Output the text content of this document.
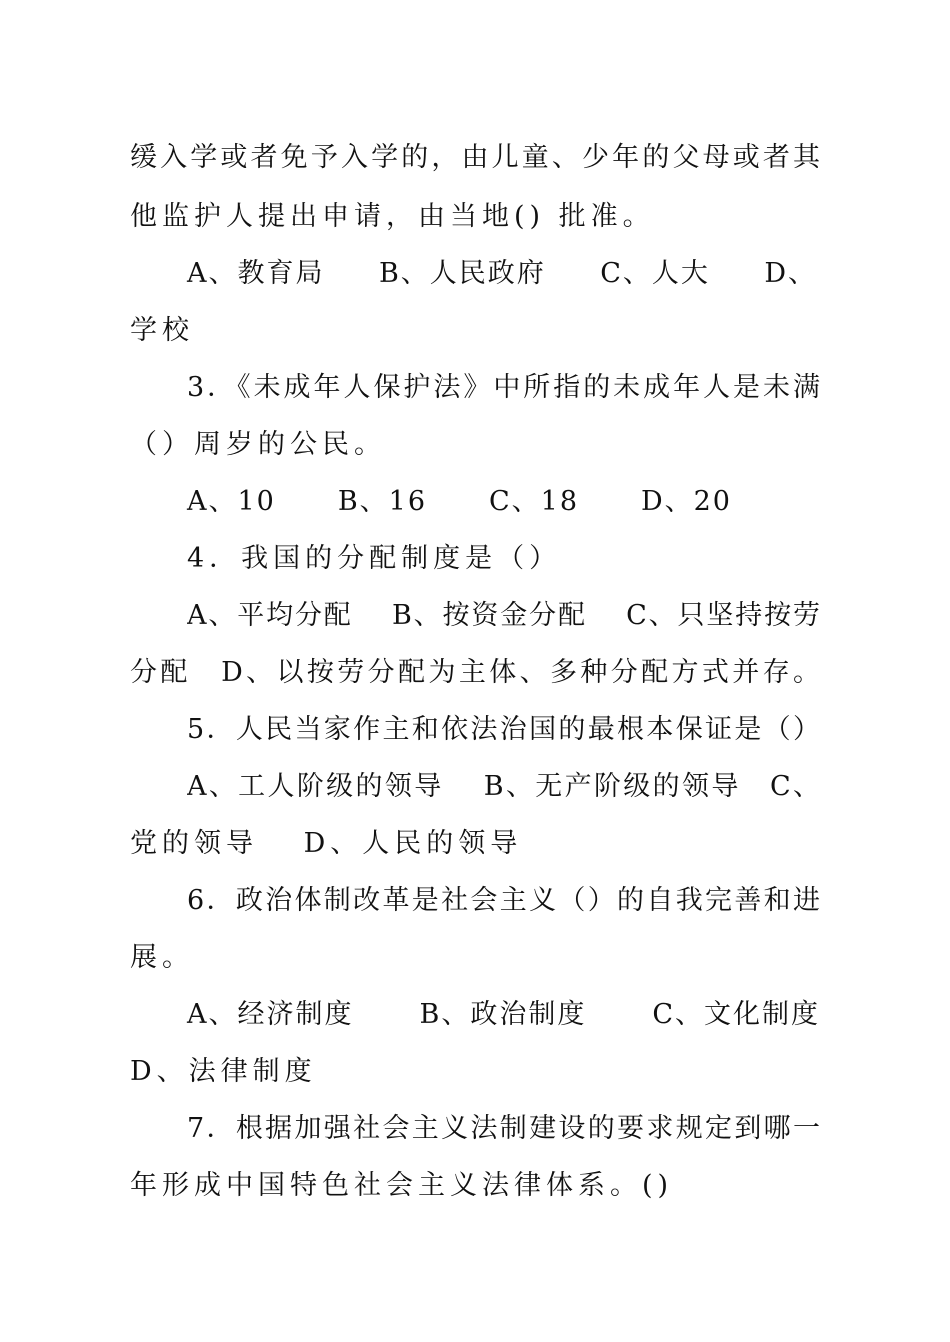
缓入学或者免予入学的，由儿童、少年的父母或者其
他监护人提出申请，由当地() 批准。
A、教育局 B、人民政府 C、人大 D、
学校
3．《未成年人保护法》中所指的未成年人是未满
（）周岁的公民。
A、10 B、16 C、18 D、20
4．我国的分配制度是（）
A、平均分配　 B、按资金分配　 C、只坚持按劳
分配　D、以按劳分配为主体、多种分配方式并存。
5．人民当家作主和依法治国的最根本保证是（）
A、工人阶级的领导　 B、无产阶级的领导　C、
党的领导　 D、人民的领导
6．政治体制改革是社会主义（）的自我完善和进
展。
A、经济制度 B、政治制度 C、文化制度
D、法律制度
7．根据加强社会主义法制建设的要求规定到哪一
年形成中国特色社会主义法律体系。()
